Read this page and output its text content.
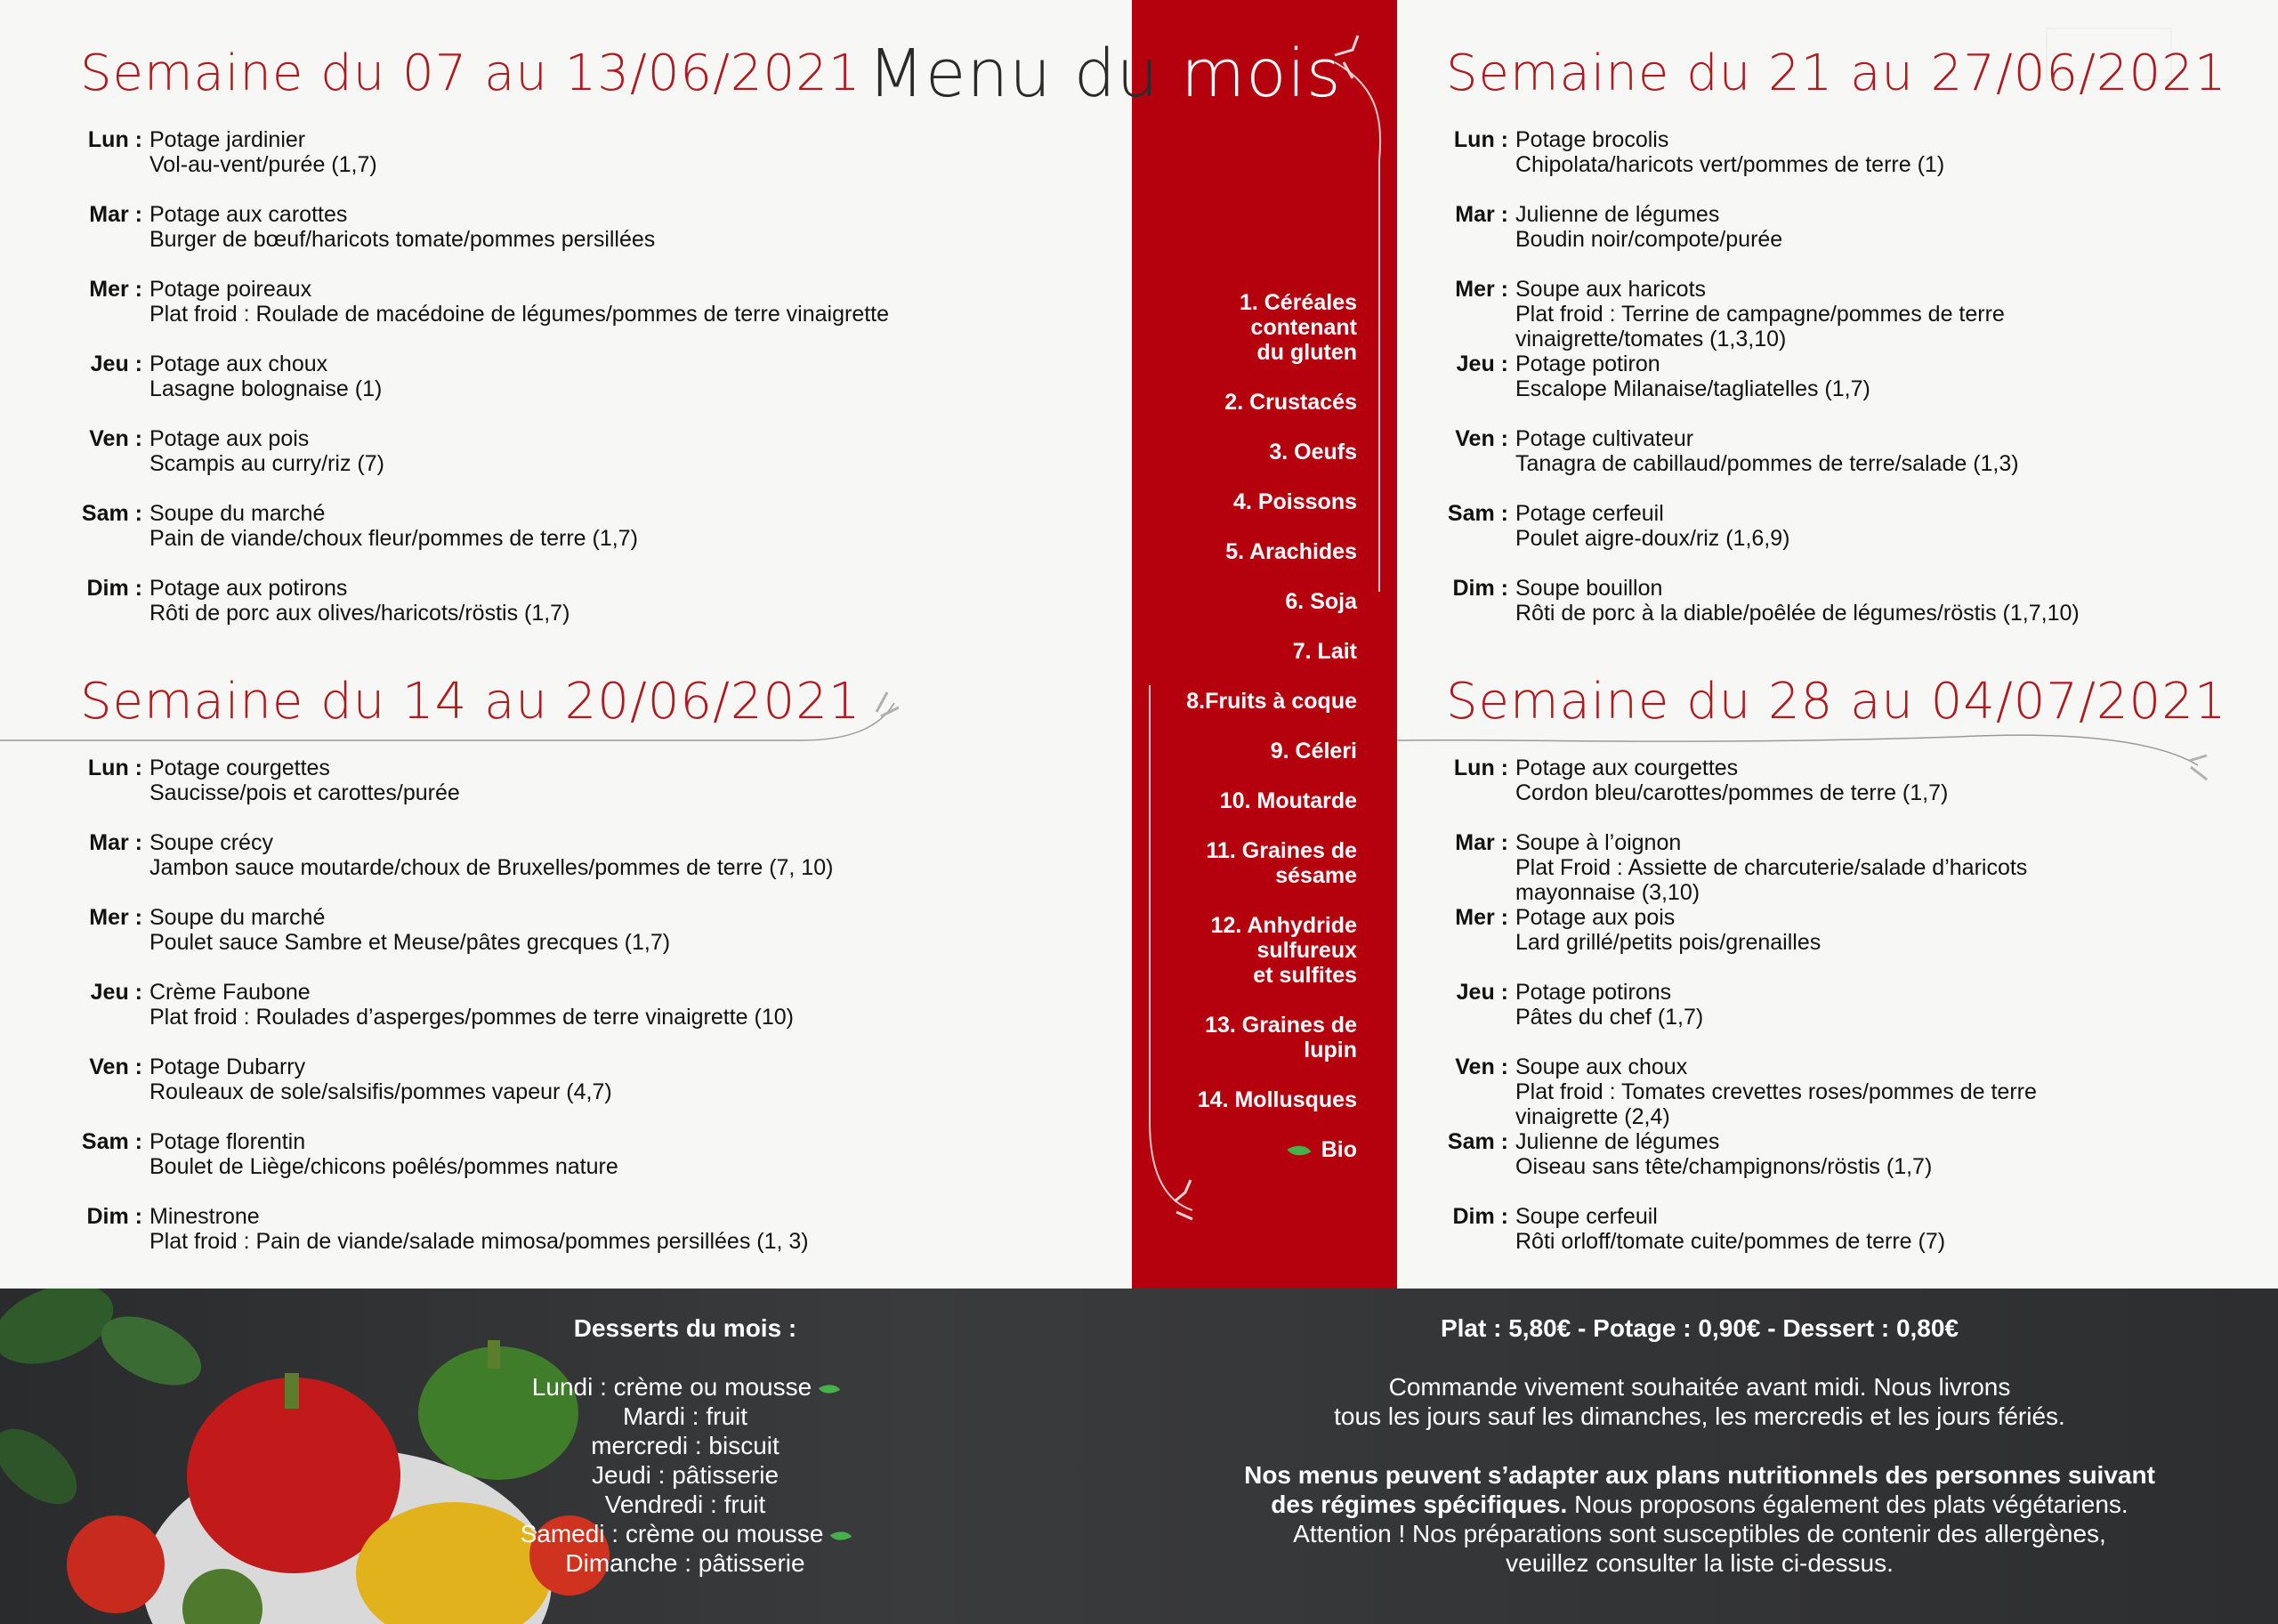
Menu du mois
Semaine du 07 au 13/06/2021
Lun : Potage jardinier
Vol-au-vent/purée (1,7)
Mar : Potage aux carottes
Burger de bœuf/haricots tomate/pommes persillées
Mer : Potage poireaux
Plat froid : Roulade de macédoine de légumes/pommes de terre vinaigrette
Jeu : Potage aux choux
Lasagne bolognaise (1)
Ven : Potage aux pois
Scampis au curry/riz (7)
Sam : Soupe du marché
Pain de viande/choux fleur/pommes de terre (1,7)
Dim : Potage aux potirons
Rôti de porc aux olives/haricots/röstis (1,7)
Semaine du 14 au 20/06/2021
Lun : Potage courgettes
Saucisse/pois et carottes/purée
Mar : Soupe crécy
Jambon sauce moutarde/choux de Bruxelles/pommes de terre (7, 10)
Mer : Soupe du marché
Poulet sauce Sambre et Meuse/pâtes grecques (1,7)
Jeu : Crème Faubone
Plat froid : Roulades d’asperges/pommes de terre vinaigrette (10)
Ven : Potage Dubarry
Rouleaux de sole/salsifis/pommes vapeur (4,7)
Sam : Potage florentin
Boulet de Liège/chicons poêlés/pommes nature
Dim : Minestrone
Plat froid : Pain de viande/salade mimosa/pommes persillées (1, 3)
Semaine du 21 au 27/06/2021
Lun : Potage brocolis
Chipolata/haricots vert/pommes de terre (1)
Mar : Julienne de légumes
Boudin noir/compote/purée
Mer : Soupe aux haricots
Plat froid : Terrine de campagne/pommes de terre
vinaigrette/tomates (1,3,10)
Jeu : Potage potiron
Escalope Milanaise/tagliatelles (1,7)
Ven : Potage cultivateur
Tanagra de cabillaud/pommes de terre/salade (1,3)
Sam : Potage cerfeuil
Poulet aigre-doux/riz (1,6,9)
Dim : Soupe bouillon
Rôti de porc à la diable/poêlée de légumes/röstis (1,7,10)
Semaine du 28 au 04/07/2021
Lun : Potage aux courgettes
Cordon bleu/carottes/pommes de terre (1,7)
Mar : Soupe à l’oignon
Plat Froid : Assiette de charcuterie/salade d’haricots
mayonnaise (3,10)
Mer : Potage aux pois
Lard grillé/petits pois/grenailles
Jeu : Potage potirons
Pâtes du chef (1,7)
Ven : Soupe aux choux
Plat froid : Tomates crevettes roses/pommes de terre
vinaigrette (2,4)
Sam : Julienne de légumes
Oiseau sans tête/champignons/röstis (1,7)
Dim : Soupe cerfeuil
Rôti orloff/tomate cuite/pommes de terre (7)
1. Céréales
contenant
du gluten
2. Crustacés
3. Oeufs
4. Poissons
5. Arachides
6. Soja
7. Lait
8.Fruits à coque
9. Céleri
10. Moutarde
11. Graines de
sésame
12. Anhydride
sulfureux
et sulfites
13. Graines de
lupin
14. Mollusques
Bio
Desserts du mois :
Lundi : crème ou mousse
Mardi : fruit
mercredi : biscuit
Jeudi : pâtisserie
Vendredi : fruit
Samedi : crème ou mousse
Dimanche : pâtisserie
Plat : 5,80€ - Potage : 0,90€ - Dessert : 0,80€
Commande vivement souhaitée avant midi. Nous livrons
tous les jours sauf les dimanches, les mercredis et les jours fériés.
Nos menus peuvent s’adapter aux plans nutritionnels des personnes suivant
des régimes spécifiques. Nous proposons également des plats végétariens.
Attention ! Nos préparations sont susceptibles de contenir des allergènes,
veuillez consulter la liste ci-dessus.
